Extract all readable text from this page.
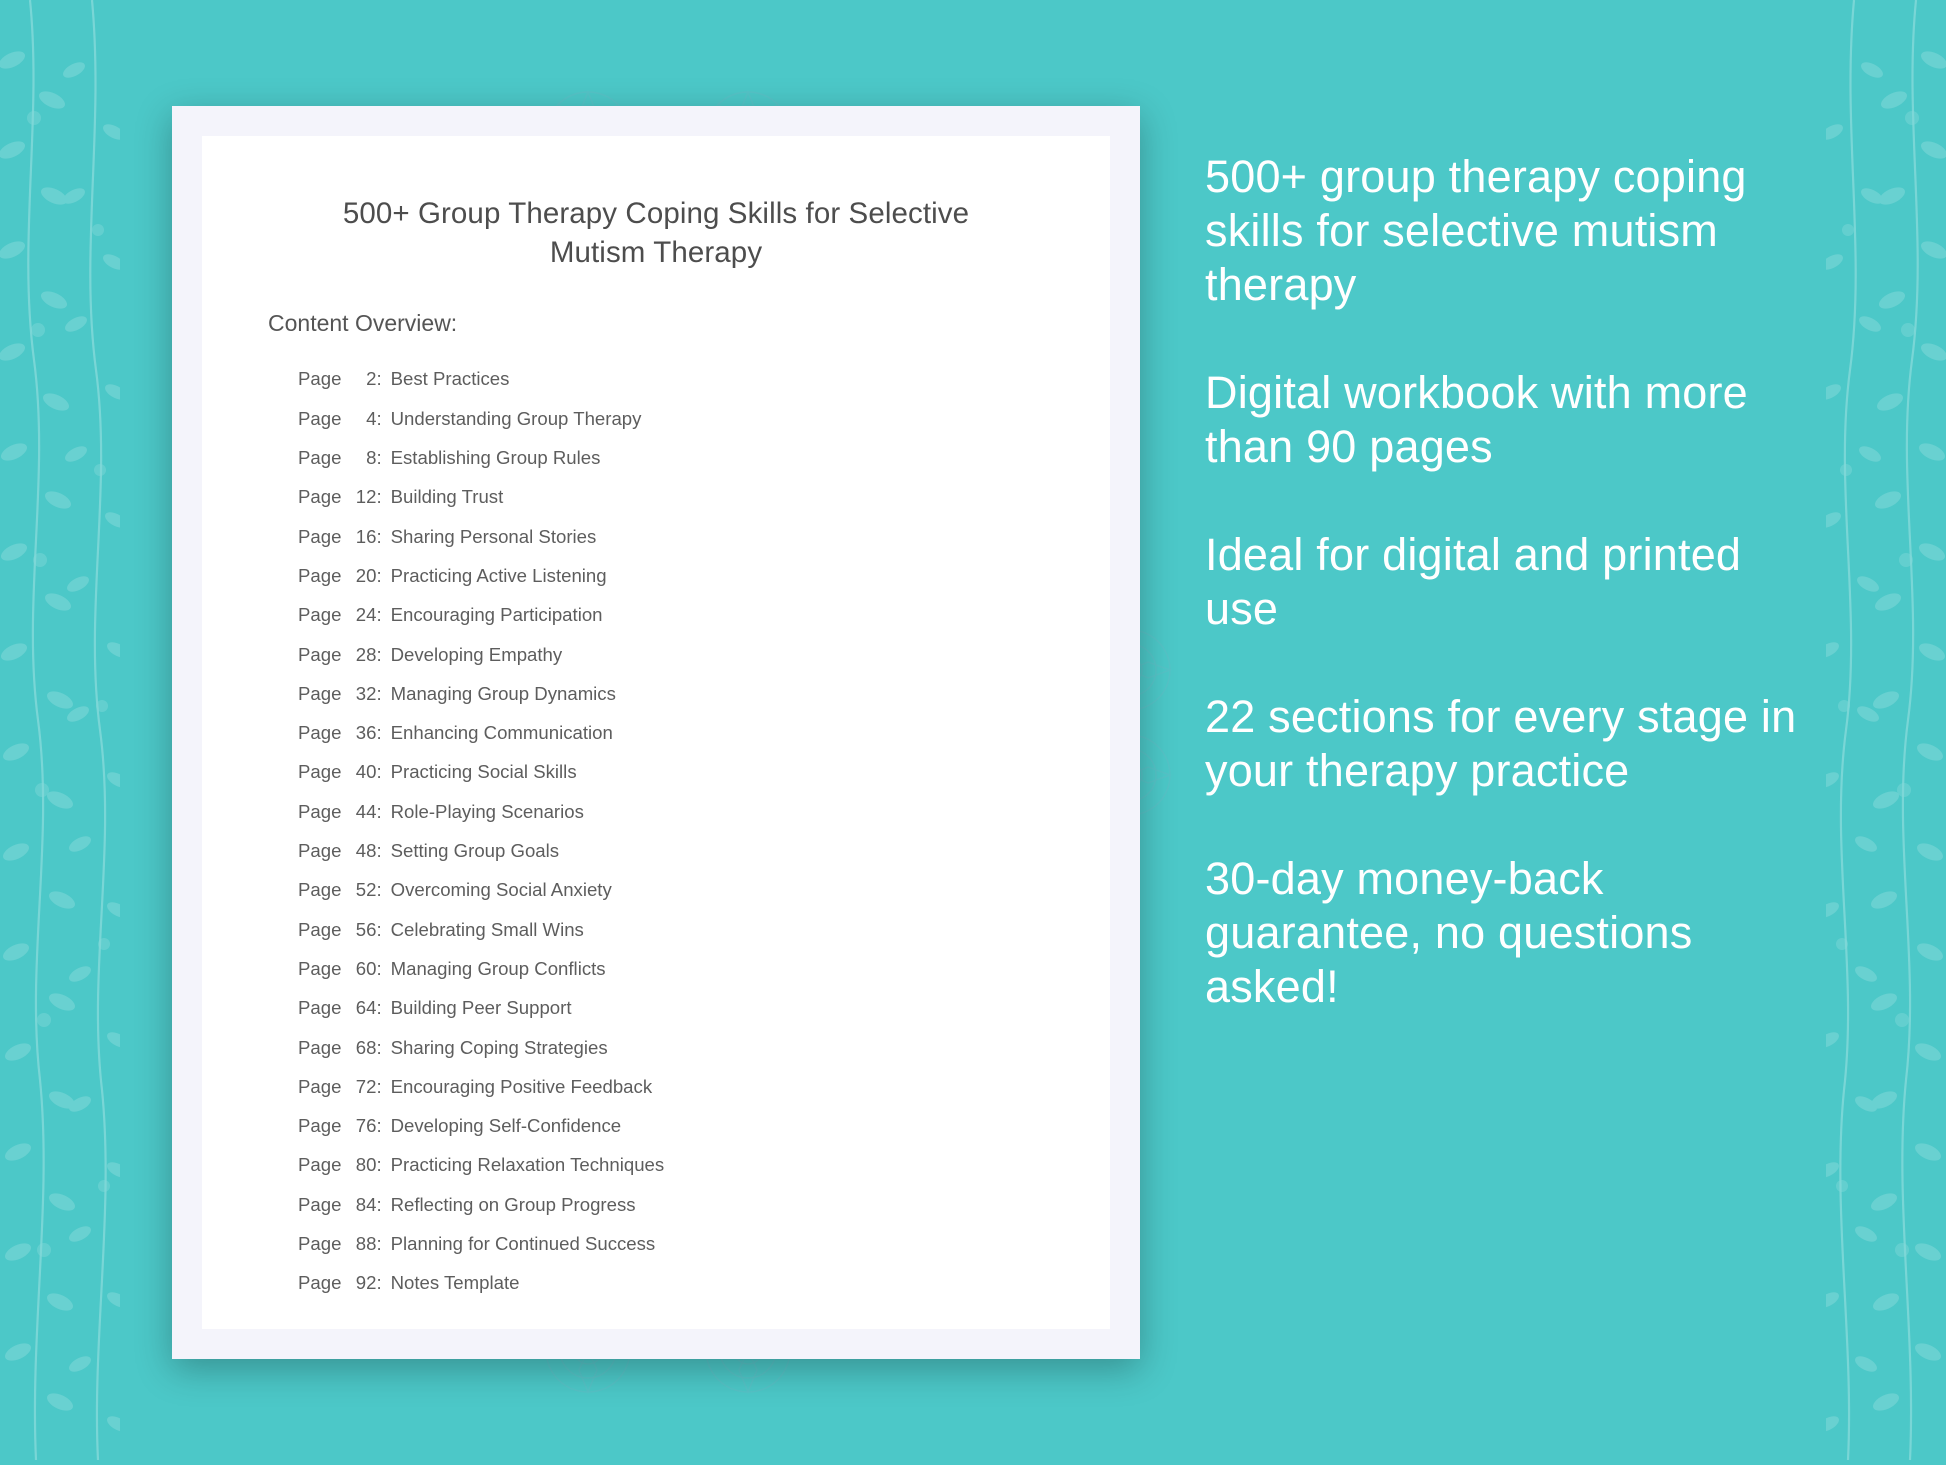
500+ Group Therapy Coping Skills for Selective Mutism Therapy

Content Overview:

Page	2 : Best Practices
Page	4 : Understanding Group Therapy
Page	8 : Establishing Group Rules
Page 12 : Building Trust
Page 16 : Sharing Personal Stories
Page 20 : Practicing Active Listening
Page 24 : Encouraging Participation
Page 28 : Developing Empathy
Page 32 : Managing Group Dynamics
Page 36 : Enhancing Communication
Page 40 : Practicing Social Skills
Page 44 : Role-Playing Scenarios
Page 48 : Setting Group Goals
Page 52 : Overcoming Social Anxiety
Page 56 : Celebrating Small Wins
Page 60 : Managing Group Conflicts
Page 64 : Building Peer Support
Page 68 : Sharing Coping Strategies
Page 72 : Encouraging Positive Feedback
Page 76 : Developing Self-Confidence
Page 80 : Practicing Relaxation Techniques
Page 84 : Reflecting on Group Progress
Page 88 : Planning for Continued Success
Page 92 : Notes Template

500+ group therapy coping skills for selective mutism therapy

Digital workbook with more than 90 pages

Ideal for digital and printed use

22 sections for every stage in your therapy practice

30-day money-back guarantee, no questions asked!
